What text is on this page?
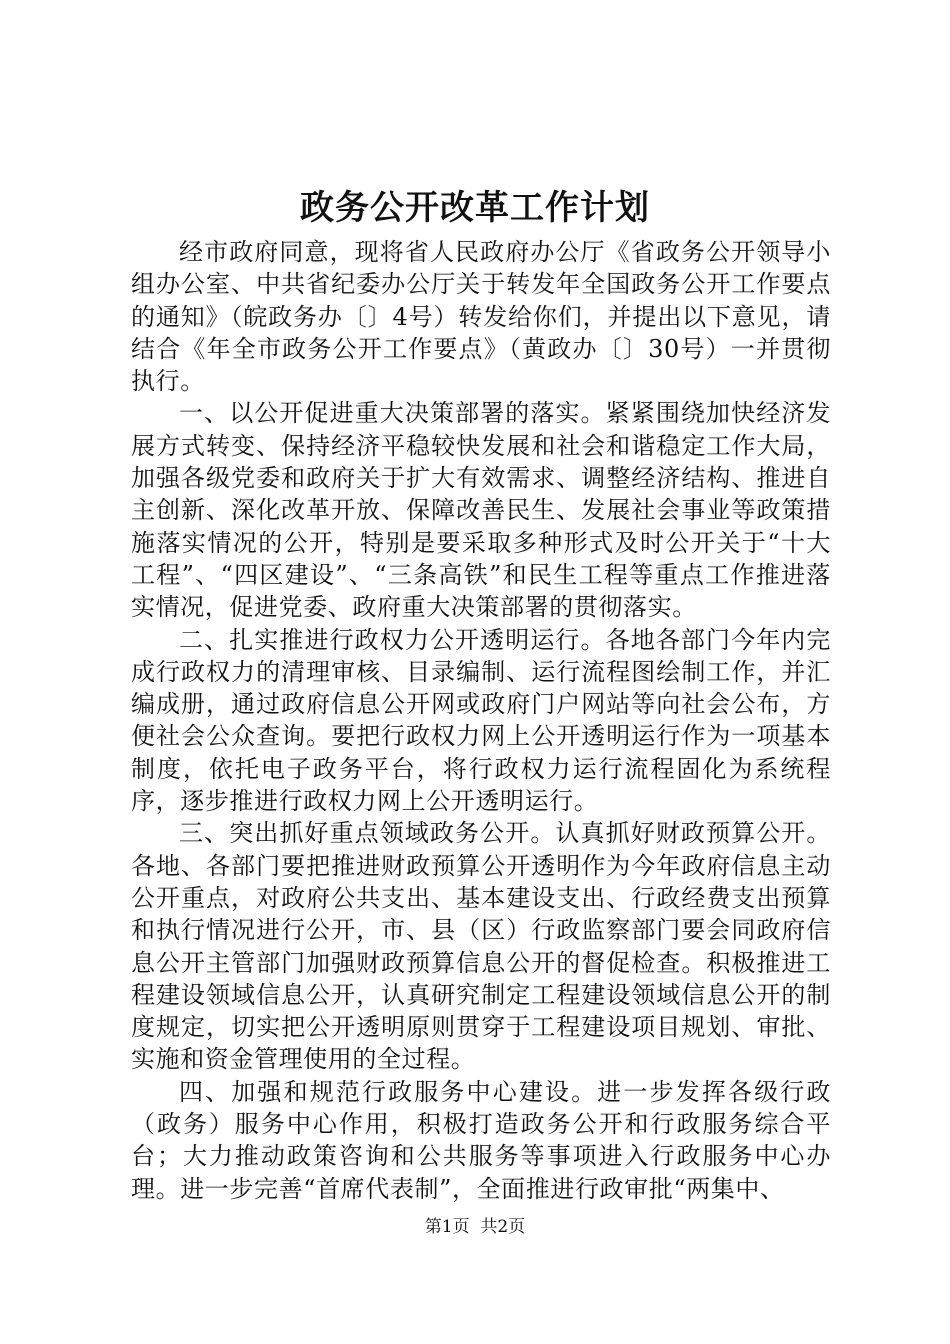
政务公开改革工作计划

经市政府同意，现将省人民政府办公厅《省政务公开领导小组办公室、中共省纪委办公厅关于转发年全国政务公开工作要点的通知》（皖政务办〔〕4号）转发给你们，并提出以下意见，请结合《年全市政务公开工作要点》（黄政办〔〕30号）一并贯彻执行。

一、以公开促进重大决策部署的落实。紧紧围绕加快经济发展方式转变、保持经济平稳较快发展和社会和谐稳定工作大局，加强各级党委和政府关于扩大有效需求、调整经济结构、推进自主创新、深化改革开放、保障改善民生、发展社会事业等政策措施落实情况的公开，特别是要采取多种形式及时公开关于“十大工程”、“四区建设”、“三条高铁”和民生工程等重点工作推进落实情况，促进党委、政府重大决策部署的贯彻落实。

二、扎实推进行政权力公开透明运行。各地各部门今年内完成行政权力的清理审核、目录编制、运行流程图绘制工作，并汇编成册，通过政府信息公开网或政府门户网站等向社会公布，方便社会公众查询。要把行政权力网上公开透明运行作为一项基本制度，依托电子政务平台，将行政权力运行流程固化为系统程序，逐步推进行政权力网上公开透明运行。

三、突出抓好重点领域政务公开。认真抓好财政预算公开。各地、各部门要把推进财政预算公开透明作为今年政府信息主动公开重点，对政府公共支出、基本建设支出、行政经费支出预算和执行情况进行公开，市、县（区）行政监察部门要会同政府信息公开主管部门加强财政预算信息公开的督促检查。积极推进工程建设领域信息公开，认真研究制定工程建设领域信息公开的制度规定，切实把公开透明原则贯穿于工程建设项目规划、审批、实施和资金管理使用的全过程。

四、加强和规范行政服务中心建设。进一步发挥各级行政（政务）服务中心作用，积极打造政务公开和行政服务综合平台；大力推动政策咨询和公共服务等事项进入行政服务中心办理。进一步完善“首席代表制”，全面推进行政审批“两集中、

第1页 共2页
